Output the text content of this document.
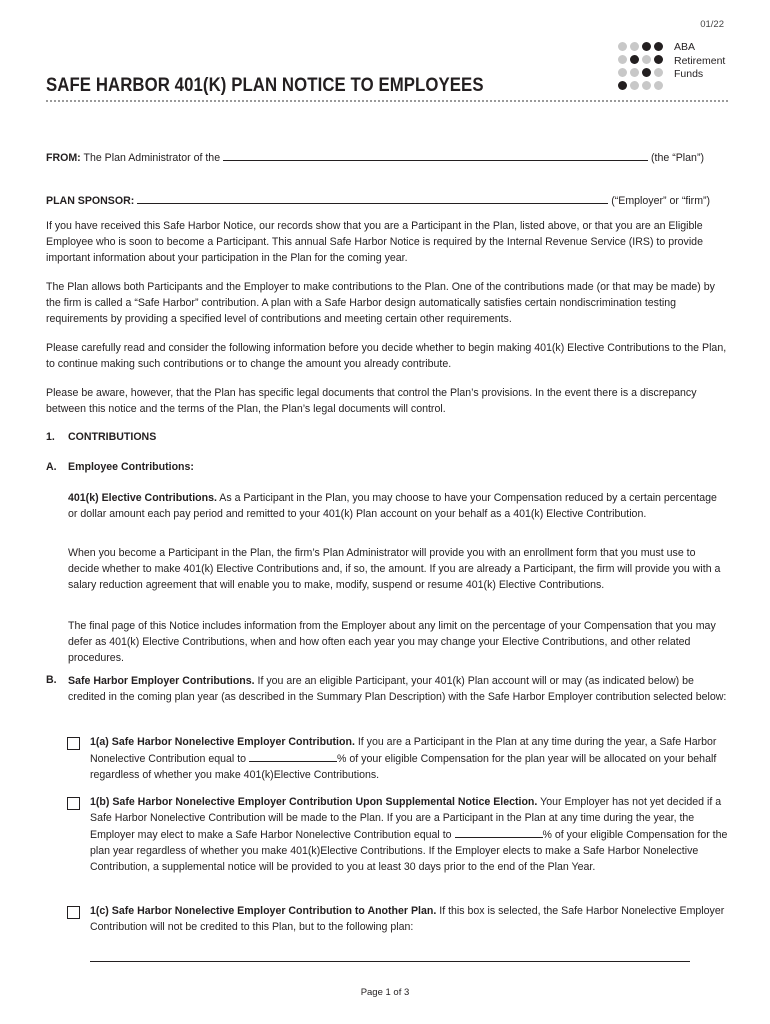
01/22
ABA
Retirement
Funds
SAFE HARBOR 401(K) PLAN NOTICE TO EMPLOYEES
FROM: The Plan Administrator of the	(the “Plan”)
PLAN SPONSOR:	(“Employer” or “firm”)

If you have received this Safe Harbor Notice, our records show that you are a Participant in the Plan, listed above, or that you are an Eligible Employee who is soon to become a Participant. This annual Safe Harbor Notice is required by the Internal Revenue Service (IRS) to provide important information about your participation in the Plan for the coming year.

The Plan allows both Participants and the Employer to make contributions to the Plan. One of the contributions made (or that may be made) by the firm is called a “Safe Harbor” contribution. A plan with a Safe Harbor design automatically satisfies certain nondiscrimination testing requirements by providing a specified level of contributions and meeting certain other requirements.

Please carefully read and consider the following information before you decide whether to begin making 401(k) Elective Contributions to the Plan, to continue making such contributions or to change the amount you already contribute.

Please be aware, however, that the Plan has specific legal documents that control the Plan’s provisions. In the event there is a discrepancy between this notice and the terms of the Plan, the Plan’s legal documents will control.

1. CONTRIBUTIONS
A. Employee Contributions:

401(k) Elective Contributions. As a Participant in the Plan, you may choose to have your Compensation reduced by a certain percentage or dollar amount each pay period and remitted to your 401(k) Plan account on your behalf as a 401(k) Elective Contribution.

When you become a Participant in the Plan, the firm’s Plan Administrator will provide you with an enrollment form that you must use to decide whether to make 401(k) Elective Contributions and, if so, the amount. If you are already a Participant, the firm will provide you with a salary reduction agreement that will enable you to make, modify, suspend or resume 401(k) Elective Contributions.

The final page of this Notice includes information from the Employer about any limit on the percentage of your Compensation that you may defer as 401(k) Elective Contributions, when and how often each year you may change your Elective Contributions, and other related procedures.

B. Safe Harbor Employer Contributions. If you are an eligible Participant, your 401(k) Plan account will or may (as indicated below) be credited in the coming plan year (as described in the Summary Plan Description) with the Safe Harbor Employer contribution selected below:

1(a) Safe Harbor Nonelective Employer Contribution. If you are a Participant in the Plan at any time during the year, a Safe Harbor Nonelective Contribution equal to	% of your eligible Compensation for the plan year will be allocated on your behalf regardless of whether you make 401(k)Elective Contributions.

1(b) Safe Harbor Nonelective Employer Contribution Upon Supplemental Notice Election. Your Employer has not yet decided if a Safe Harbor Nonelective Contribution will be made to the Plan. If you are a Participant in the Plan at any time during the year, the Employer may elect to make a Safe Harbor Nonelective Contribution equal to	% of your eligible Compensation for the plan year regardless of whether you make 401(k)Elective Contributions. If the Employer elects to make a Safe Harbor Nonelective Contribution, a supplemental notice will be provided to you at least 30 days prior to the end of the Plan Year.

1(c) Safe Harbor Nonelective Employer Contribution to Another Plan. If this box is selected, the Safe Harbor Nonelective Employer Contribution will not be credited to this Plan, but to the following plan:

Page 1 of 3
